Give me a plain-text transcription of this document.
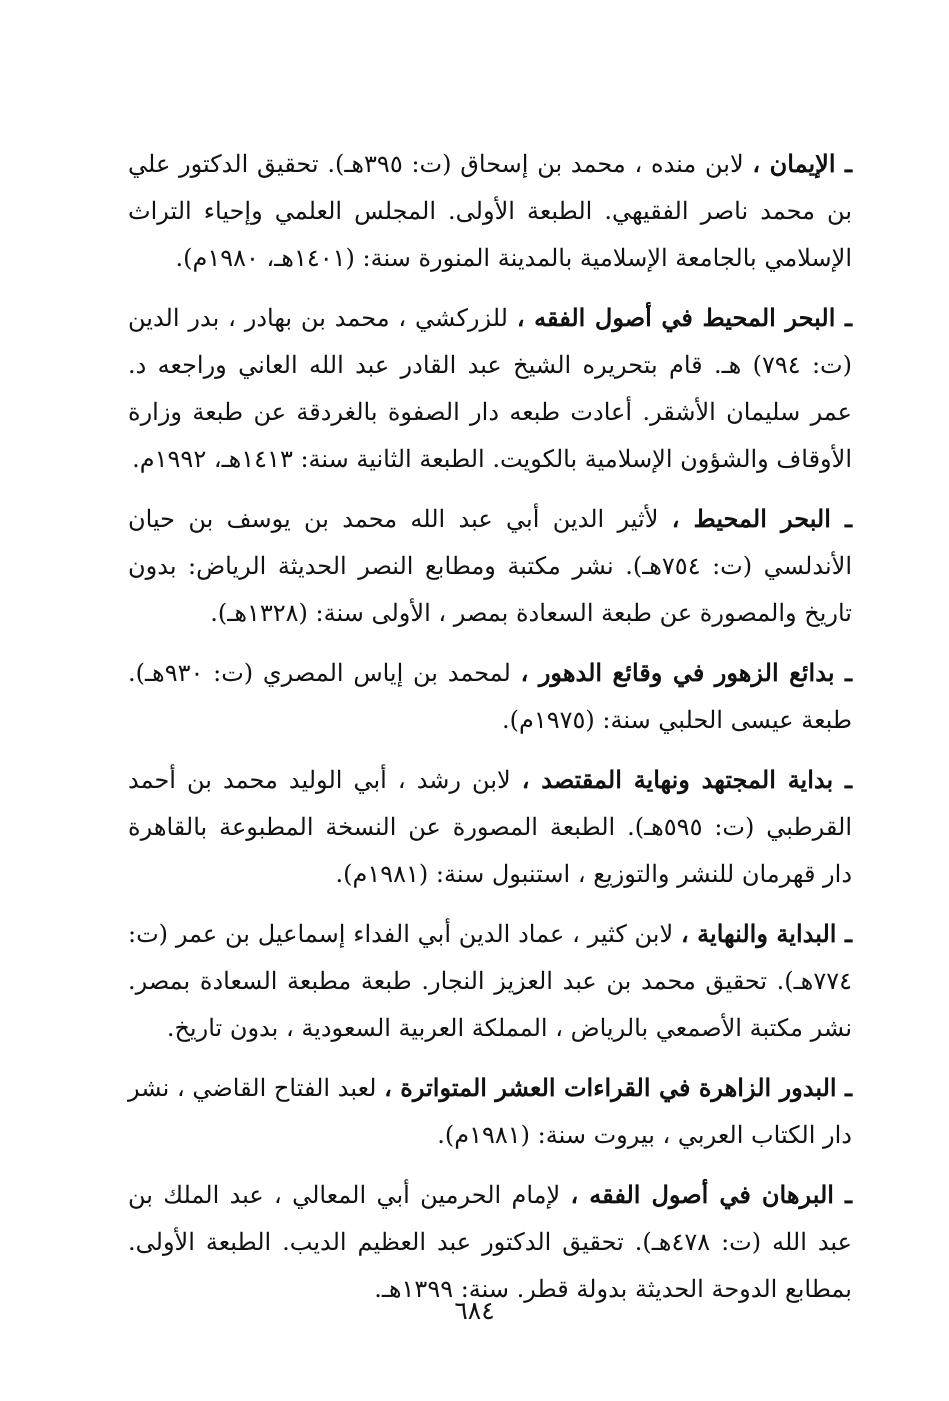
ـ الإيمان ، لابن منده ، محمد بن إسحاق (ت: ٣٩٥هـ). تحقيق الدكتور علي بن محمد ناصر الفقيهي. الطبعة الأولى. المجلس العلمي وإحياء التراث الإسلامي بالجامعة الإسلامية بالمدينة المنورة سنة: (١٤٠١هـ، ١٩٨٠م).

ـ البحر المحيط في أصول الفقه ، للزركشي ، محمد بن بهادر ، بدر الدين (ت: ٧٩٤) هـ. قام بتحريره الشيخ عبد القادر عبد الله العاني وراجعه د. عمر سليمان الأشقر. أعادت طبعه دار الصفوة بالغردقة عن طبعة وزارة الأوقاف والشؤون الإسلامية بالكويت. الطبعة الثانية سنة: ١٤١٣هـ، ١٩٩٢م.

ـ البحر المحيط ، لأثير الدين أبي عبد الله محمد بن يوسف بن حيان الأندلسي (ت: ٧٥٤هـ). نشر مكتبة ومطابع النصر الحديثة الرياض: بدون تاريخ والمصورة عن طبعة السعادة بمصر ، الأولى سنة: (١٣٢٨هـ).

ـ بدائع الزهور في وقائع الدهور ، لمحمد بن إياس المصري (ت: ٩٣٠هـ). طبعة عيسى الحلبي سنة: (١٩٧٥م).

ـ بداية المجتهد ونهاية المقتصد ، لابن رشد ، أبي الوليد محمد بن أحمد القرطبي (ت: ٥٩٥هـ). الطبعة المصورة عن النسخة المطبوعة بالقاهرة دار قهرمان للنشر والتوزيع ، استنبول سنة: (١٩٨١م).

ـ البداية والنهاية ، لابن كثير ، عماد الدين أبي الفداء إسماعيل بن عمر (ت: ٧٧٤هـ). تحقيق محمد بن عبد العزيز النجار. طبعة مطبعة السعادة بمصر. نشر مكتبة الأصمعي بالرياض ، المملكة العربية السعودية ، بدون تاريخ.

ـ البدور الزاهرة في القراءات العشر المتواترة ، لعبد الفتاح القاضي ، نشر دار الكتاب العربي ، بيروت سنة: (١٩٨١م).

ـ البرهان في أصول الفقه ، لإمام الحرمين أبي المعالي ، عبد الملك بن عبد الله (ت: ٤٧٨هـ). تحقيق الدكتور عبد العظيم الديب. الطبعة الأولى. بمطابع الدوحة الحديثة بدولة قطر. سنة: ١٣٩٩هـ.

٦٨٤
